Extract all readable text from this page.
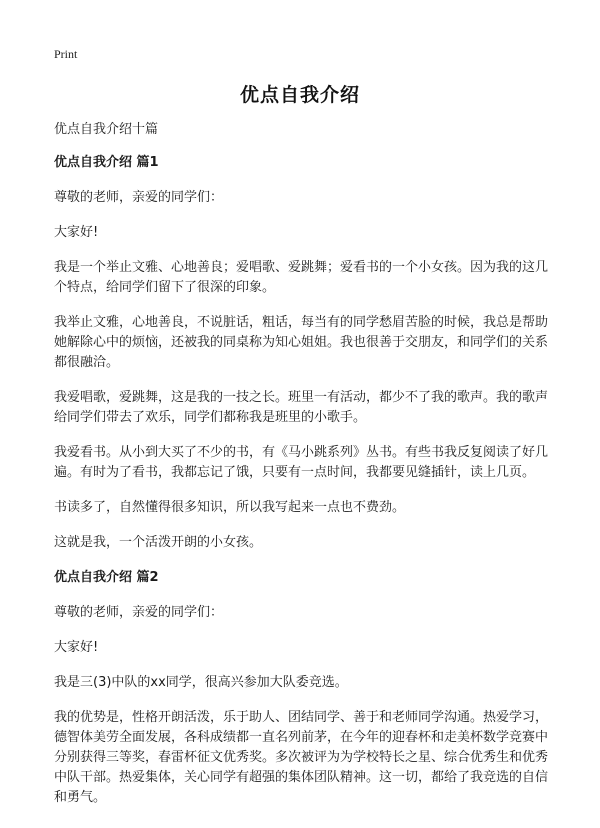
Print
优点自我介绍

优点自我介绍十篇

优点自我介绍 篇1

尊敬的老师，亲爱的同学们：

大家好!

我是一个举止文雅、心地善良；爱唱歌、爱跳舞；爱看书的一个小女孩。因为我的这几个特点，给同学们留下了很深的印象。

我举止文雅，心地善良，不说脏话，粗话，每当有的同学愁眉苦脸的时候，我总是帮助她解除心中的烦恼，还被我的同桌称为知心姐姐。我也很善于交朋友，和同学们的关系都很融洽。

我爱唱歌，爱跳舞，这是我的一技之长。班里一有活动，都少不了我的歌声。我的歌声给同学们带去了欢乐，同学们都称我是班里的小歌手。

我爱看书。从小到大买了不少的书，有《马小跳系列》丛书。有些书我反复阅读了好几遍。有时为了看书，我都忘记了饿，只要有一点时间，我都要见缝插针，读上几页。

书读多了，自然懂得很多知识，所以我写起来一点也不费劲。

这就是我，一个活泼开朗的小女孩。

优点自我介绍 篇2

尊敬的老师，亲爱的同学们：

大家好!

我是三(3)中队的xx同学，很高兴参加大队委竞选。

我的优势是，性格开朗活泼，乐于助人、团结同学、善于和老师同学沟通。热爱学习，德智体美劳全面发展，各科成绩都一直名列前茅，在今年的迎春杯和走美杯数学竞赛中分别获得三等奖，春雷杯征文优秀奖。多次被评为为学校特长之星、综合优秀生和优秀中队干部。热爱集体，关心同学有超强的集体团队精神。这一切，都给了我竞选的自信和勇气。
